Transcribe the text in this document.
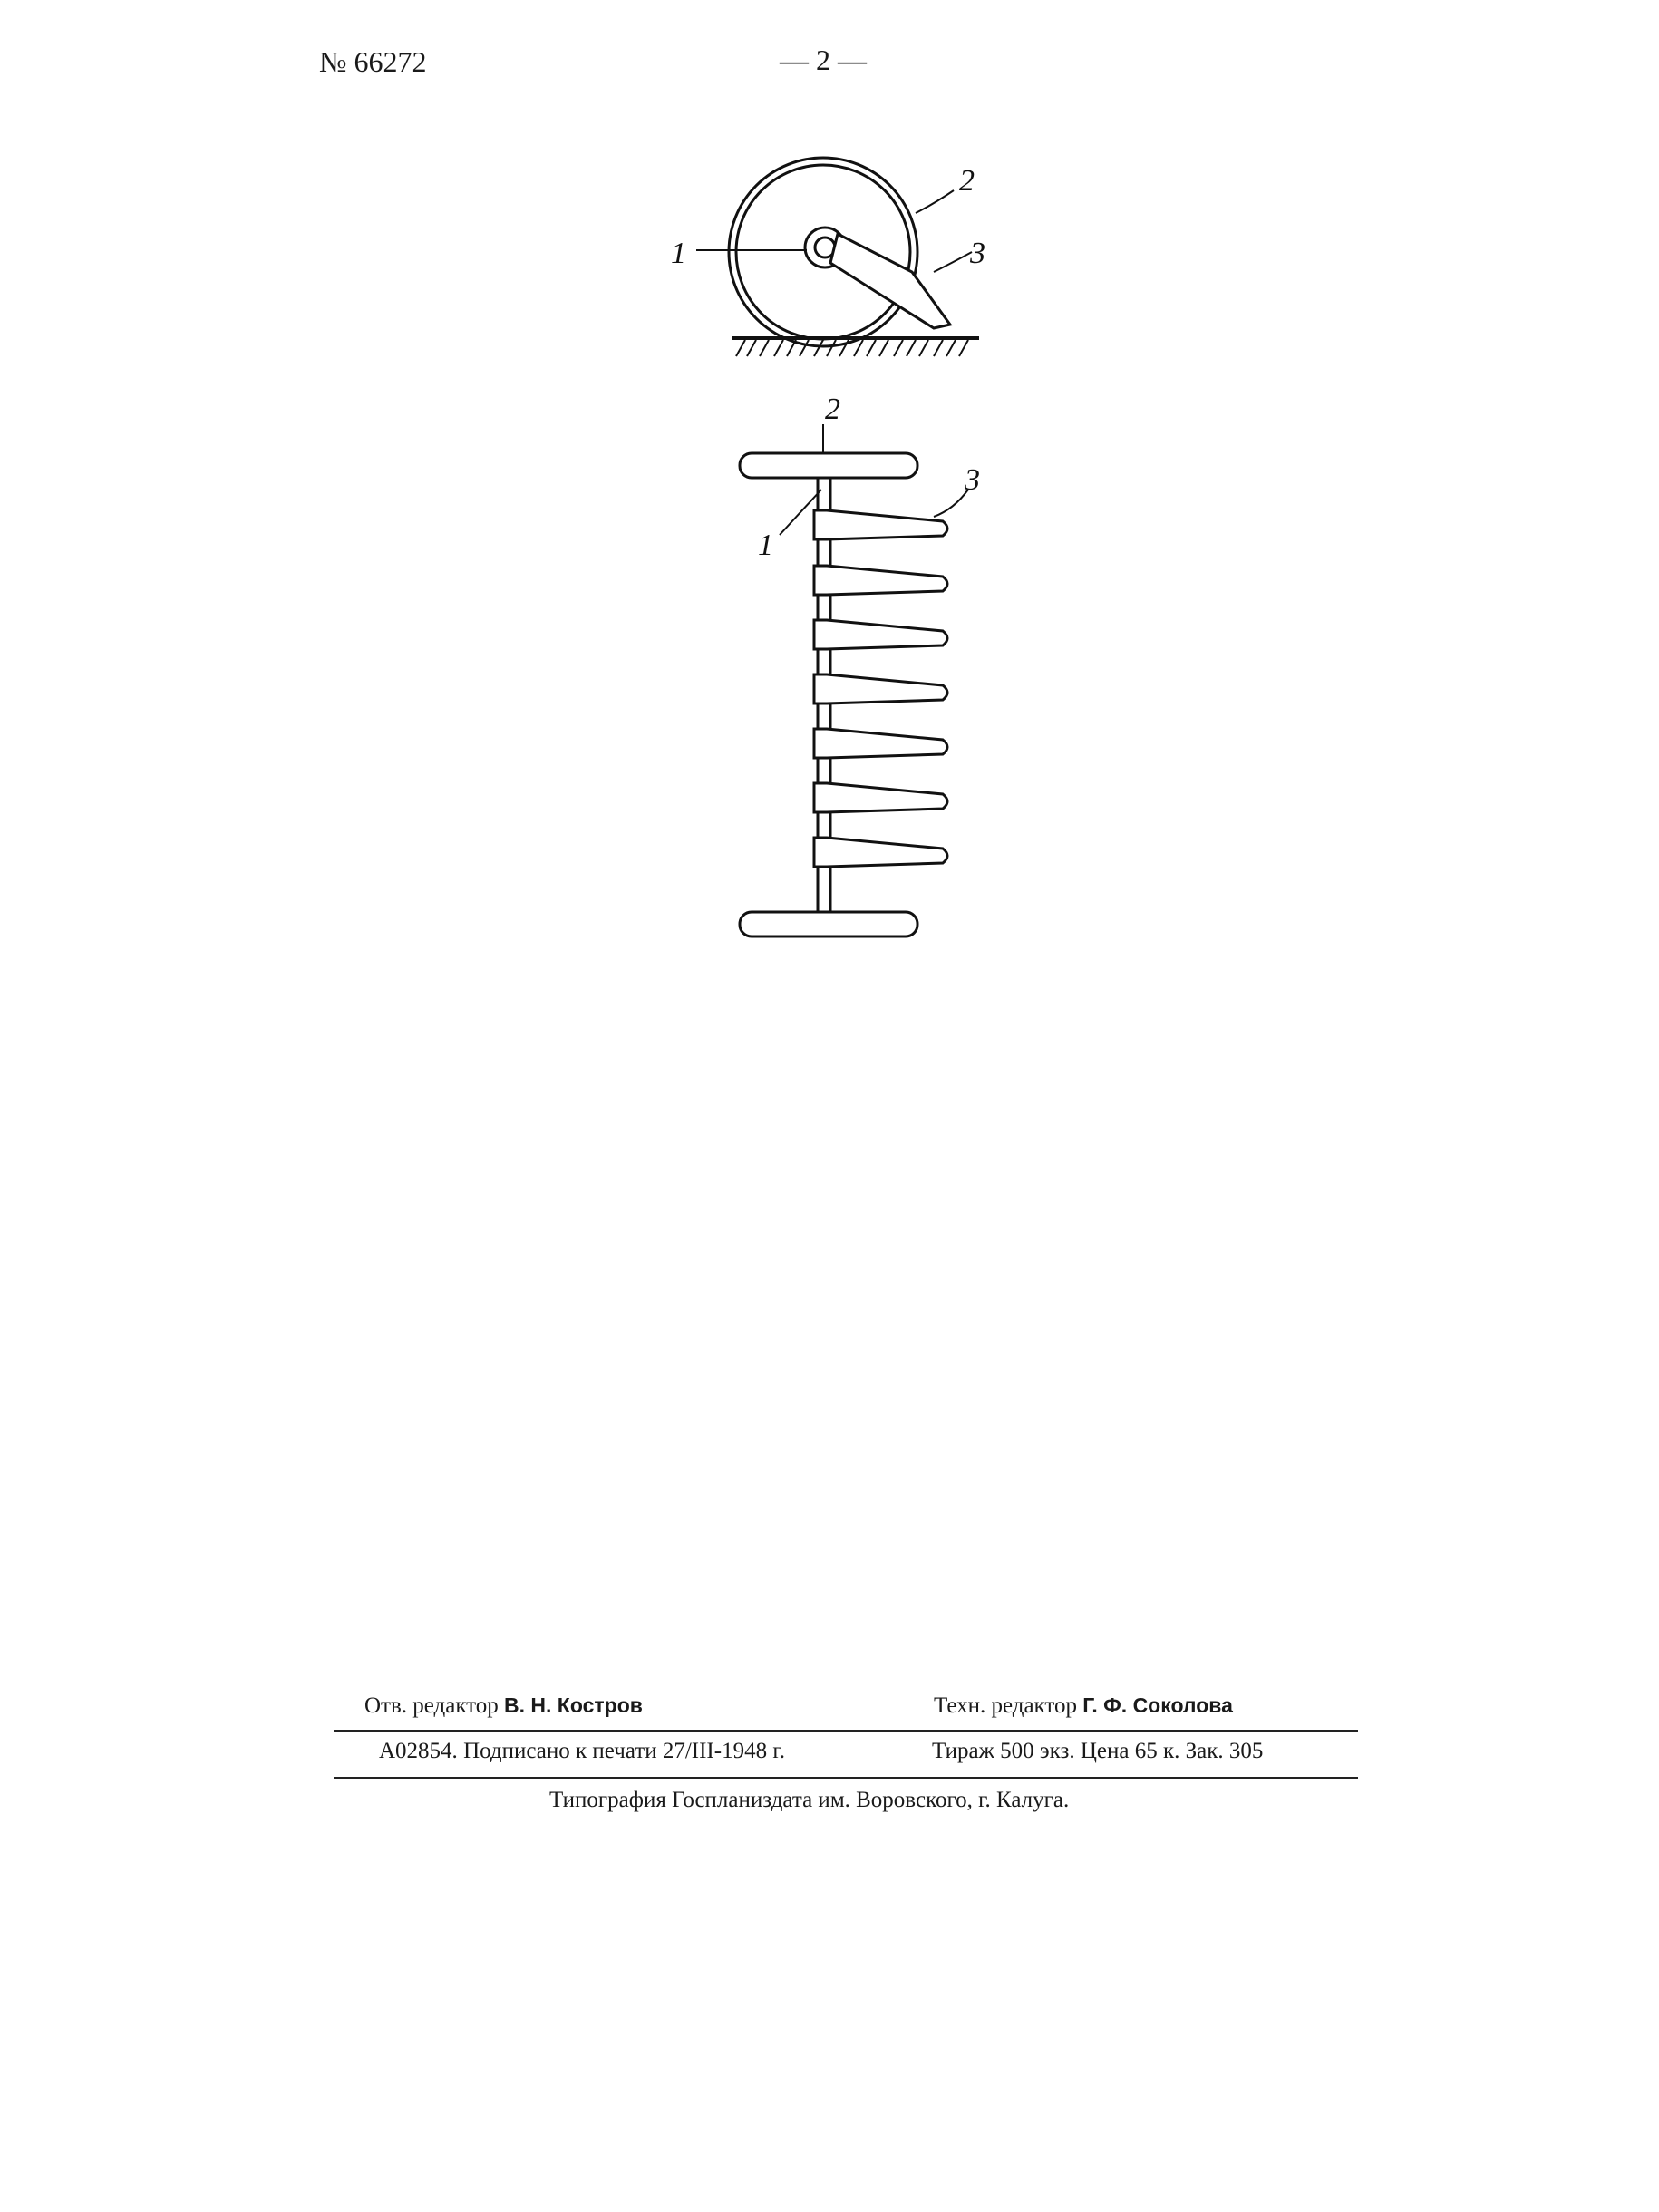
№ 66272	— 2 —
1
2
3
1
2
3
Отв. редактор В. Н. Костров	Техн. редактор Г. Ф. Соколова
А02854. Подписано к печати 27/III-1948 г.	Тираж 500 экз. Цена 65 к. Зак. 305
Типография Госпланиздата им. Воровского, г. Калуга.
